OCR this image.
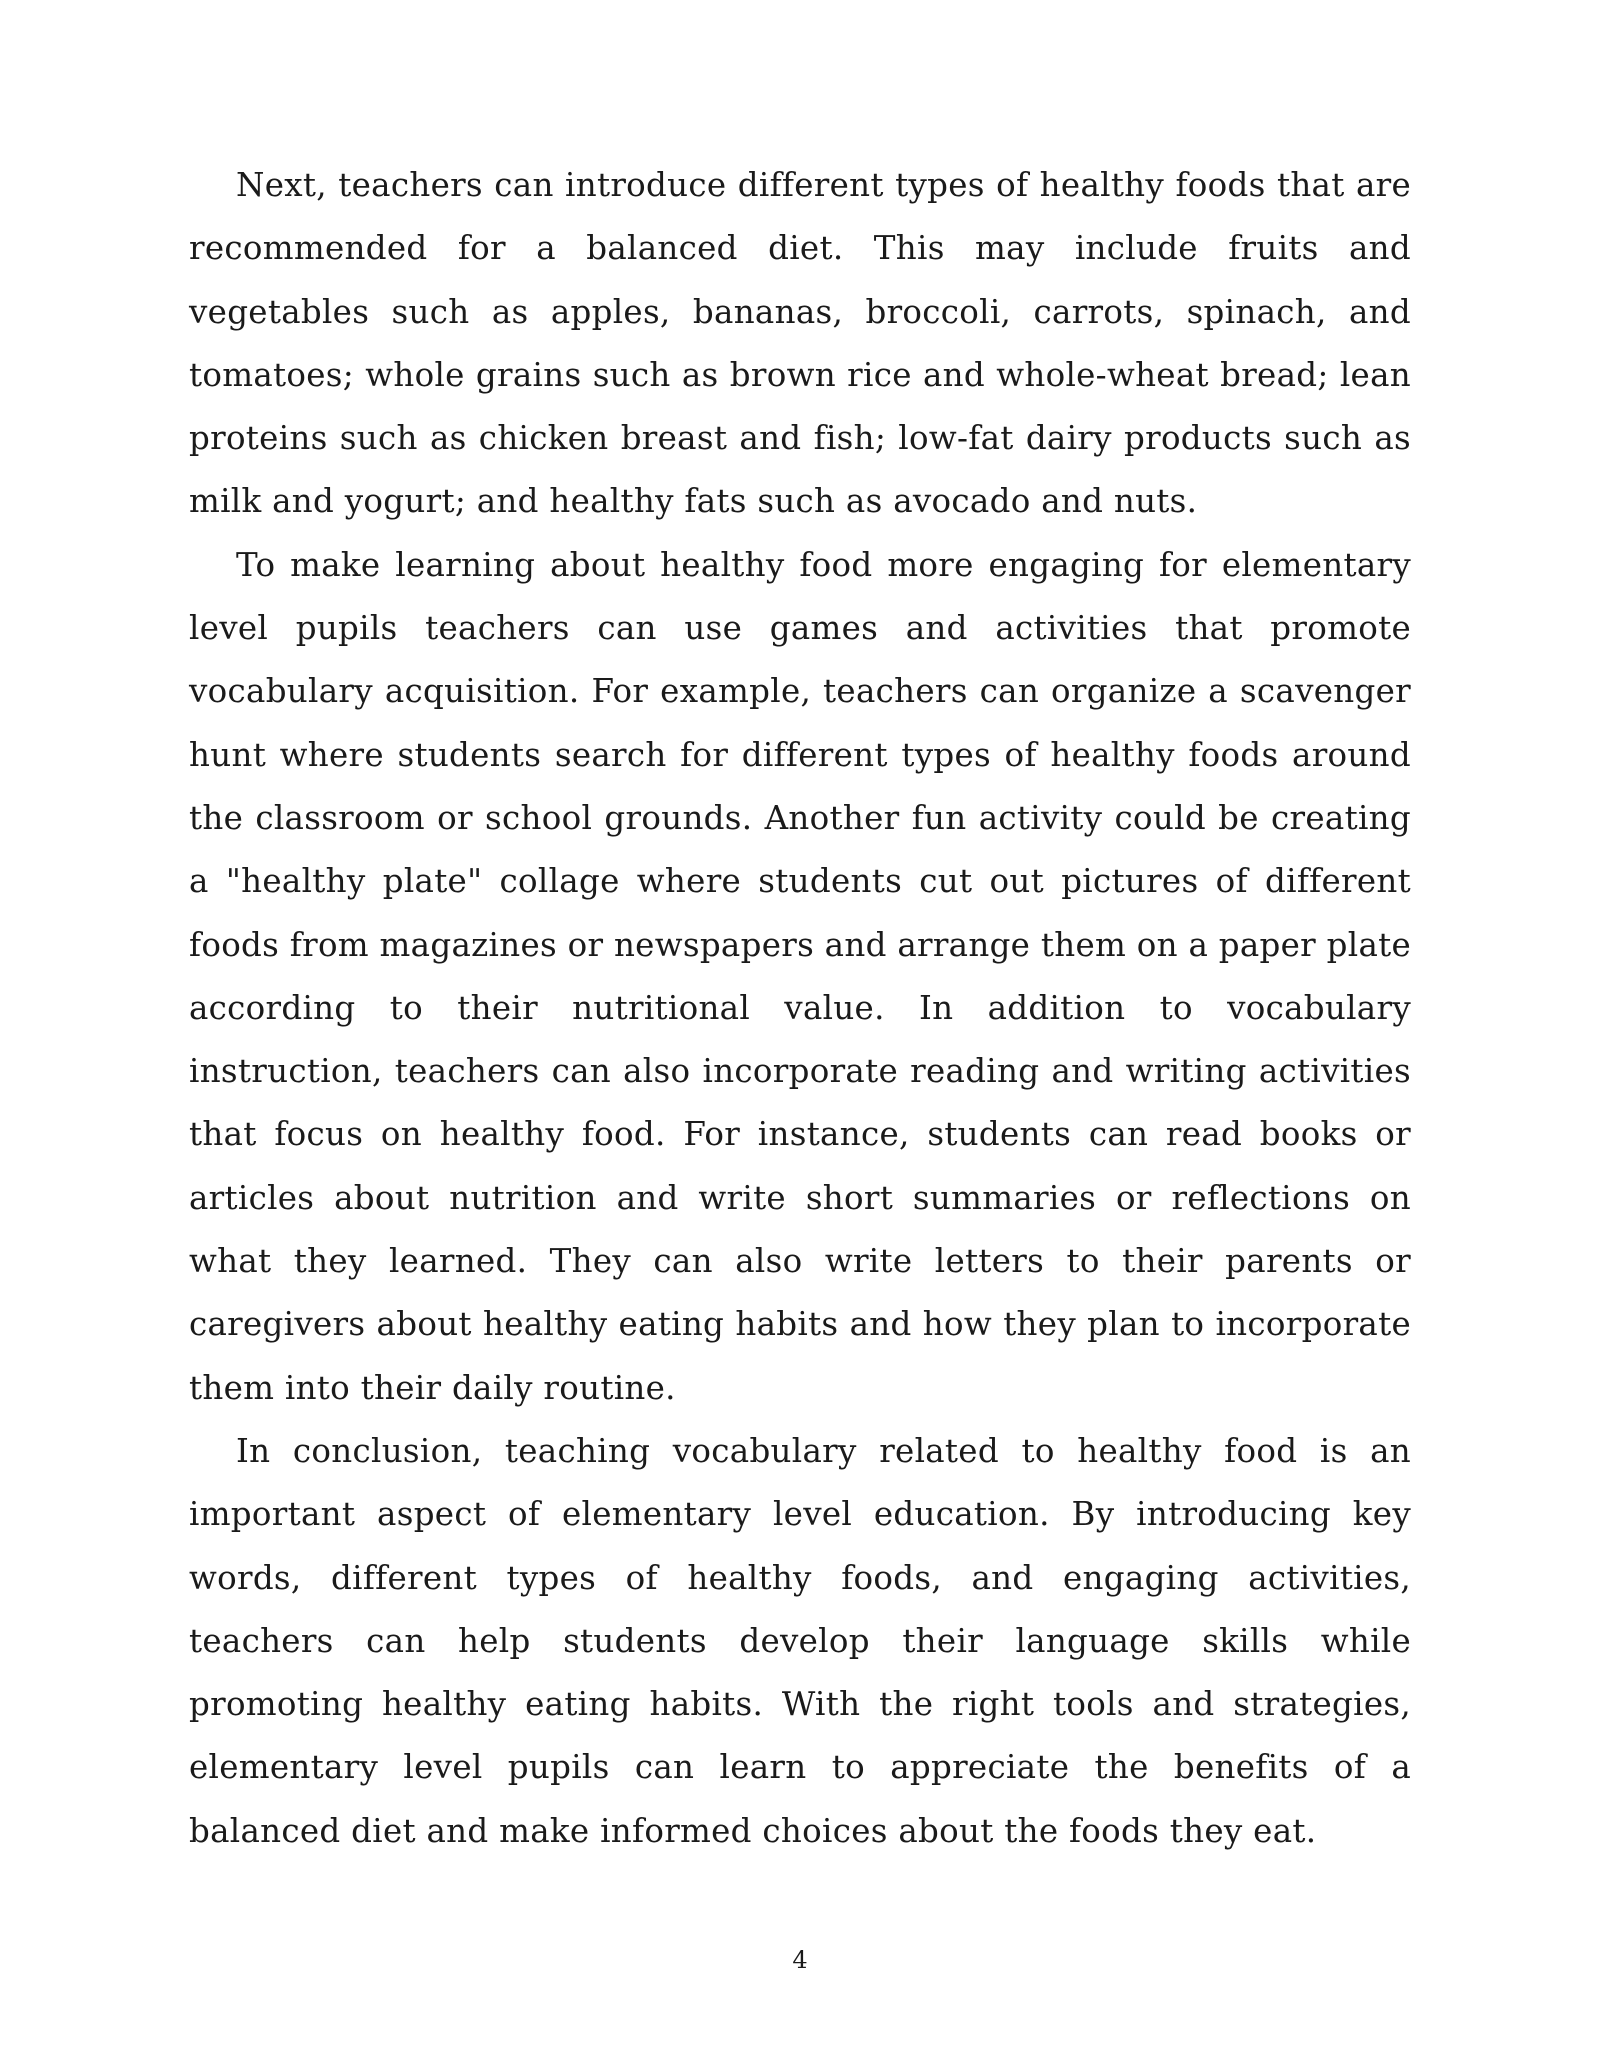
Next, teachers can introduce different types of healthy foods that are recommended for a balanced diet. This may include fruits and vegetables such as apples, bananas, broccoli, carrots, spinach, and tomatoes; whole grains such as brown rice and whole-wheat bread; lean proteins such as chicken breast and fish; low-fat dairy products such as milk and yogurt; and healthy fats such as avocado and nuts.

To make learning about healthy food more engaging for elementary level pupils teachers can use games and activities that promote vocabulary acquisition. For example, teachers can organize a scavenger hunt where students search for different types of healthy foods around the classroom or school grounds. Another fun activity could be creating a "healthy plate" collage where students cut out pictures of different foods from magazines or newspapers and arrange them on a paper plate according to their nutritional value. In addition to vocabulary instruction, teachers can also incorporate reading and writing activities that focus on healthy food. For instance, students can read books or articles about nutrition and write short summaries or reflections on what they learned. They can also write letters to their parents or caregivers about healthy eating habits and how they plan to incorporate them into their daily routine.

In conclusion, teaching vocabulary related to healthy food is an important aspect of elementary level education. By introducing key words, different types of healthy foods, and engaging activities, teachers can help students develop their language skills while promoting healthy eating habits. With the right tools and strategies, elementary level pupils can learn to appreciate the benefits of a balanced diet and make informed choices about the foods they eat.

4
